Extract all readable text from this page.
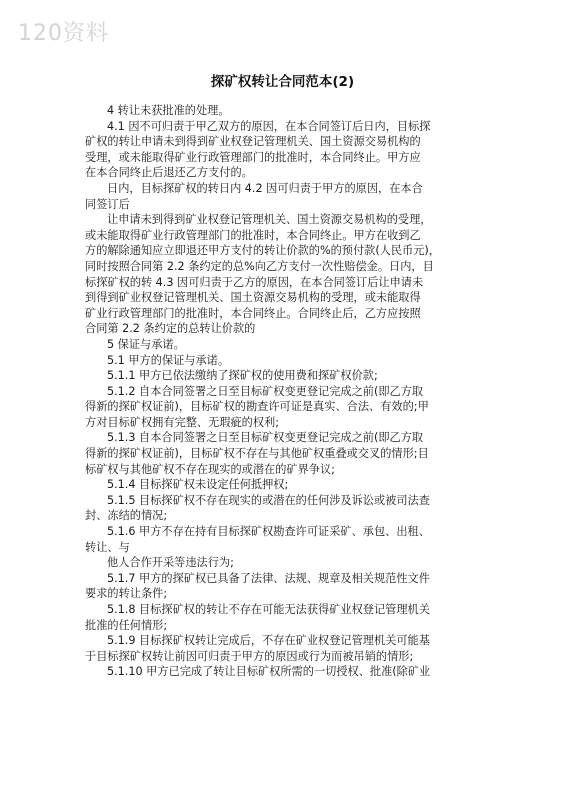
120资料
探矿权转让合同范本(2)
4 转让未获批准的处理。
4.1 因不可归责于甲乙双方的原因，在本合同签订后日内，目标探
矿权的转让申请未到得到矿业权登记管理机关、国土资源交易机构的
受理，或未能取得矿业行政管理部门的批准时，本合同终止。甲方应
在本合同终止后退还乙方支付的。
日内，目标探矿权的转日内 4.2 因可归责于甲方的原因，在本合
同签订后
让申请未到得到矿业权登记管理机关、国土资源交易机构的受理，
或未能取得矿业行政管理部门的批准时，本合同终止。甲方在收到乙
方的解除通知应立即退还甲方支付的转让价款的%的预付款(人民币元)，
同时按照合同第 2.2 条约定的总%向乙方支付一次性赔偿金。日内，目
标探矿权的转 4.3 因可归责于乙方的原因，在本合同签订后让申请未
到得到矿业权登记管理机关、国土资源交易机构的受理，或未能取得
矿业行政管理部门的批准时，本合同终止。合同终止后，乙方应按照
合同第 2.2 条约定的总转让价款的
5 保证与承诺。
5.1 甲方的保证与承诺。
5.1.1 甲方已依法缴纳了探矿权的使用费和探矿权价款;
5.1.2 自本合同签署之日至目标矿权变更登记完成之前(即乙方取
得新的探矿权证前)，目标矿权的勘查许可证是真实、合法、有效的;甲
方对目标矿权拥有完整、无瑕疵的权利;
5.1.3 自本合同签署之日至目标矿权变更登记完成之前(即乙方取
得新的探矿权证前)，目标矿权不存在与其他矿权重叠或交叉的情形;目
标矿权与其他矿权不存在现实的或潜在的矿界争议;
5.1.4 目标探矿权未设定任何抵押权;
5.1.5 目标探矿权不存在现实的或潜在的任何涉及诉讼或被司法查
封、冻结的情况;
5.1.6 甲方不存在持有目标探矿权勘查许可证采矿、承包、出租、
转让、与
他人合作开采等违法行为;
5.1.7 甲方的探矿权已具备了法律、法规、规章及相关规范性文件
要求的转让条件;
5.1.8 目标探矿权的转让不存在可能无法获得矿业权登记管理机关
批准的任何情形;
5.1.9 目标探矿权转让完成后，不存在矿业权登记管理机关可能基
于目标探矿权转让前因可归责于甲方的原因或行为而被吊销的情形;
5.1.10 甲方已完成了转让目标矿权所需的一切授权、批准(除矿业
